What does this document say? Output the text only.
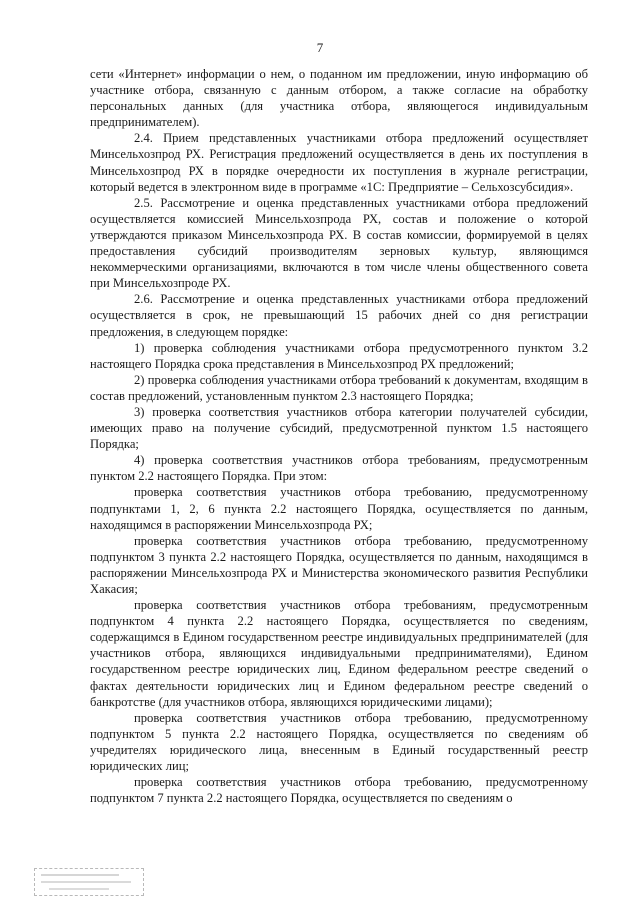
7

сети «Интернет» информации о нем, о поданном им предложении, иную информацию об участнике отбора, связанную с данным отбором, а также согласие на обработку персональных данных (для участника отбора, являющегося индивидуальным предпринимателем).

2.4. Прием представленных участниками отбора предложений осуществляет Минсельхозпрод РХ. Регистрация предложений осуществляется в день их поступления в Минсельхозпрод РХ в порядке очередности их поступления в журнале регистрации, который ведется в электронном виде в программе «1С: Предприятие – Сельхозсубсидия».

2.5. Рассмотрение и оценка представленных участниками отбора предложений осуществляется комиссией Минсельхозпрода РХ, состав и положение о которой утверждаются приказом Минсельхозпрода РХ. В состав комиссии, формируемой в целях предоставления субсидий производителям зерновых культур, являющимся некоммерческими организациями, включаются в том числе члены общественного совета при Минсельхозпроде РХ.

2.6. Рассмотрение и оценка представленных участниками отбора предложений осуществляется в срок, не превышающий 15 рабочих дней со дня регистрации предложения, в следующем порядке:

1) проверка соблюдения участниками отбора предусмотренного пунктом 3.2 настоящего Порядка срока представления в Минсельхозпрод РХ предложений;

2) проверка соблюдения участниками отбора требований к документам, входящим в состав предложений, установленным пунктом 2.3 настоящего Порядка;

3) проверка соответствия участников отбора категории получателей субсидии, имеющих право на получение субсидий, предусмотренной пунктом 1.5 настоящего Порядка;

4) проверка соответствия участников отбора требованиям, предусмотренным пунктом 2.2 настоящего Порядка. При этом:

проверка соответствия участников отбора требованию, предусмотренному подпунктами 1, 2, 6 пункта 2.2 настоящего Порядка, осуществляется по данным, находящимся в распоряжении Минсельхозпрода РХ;

проверка соответствия участников отбора требованию, предусмотренному подпунктом 3 пункта 2.2 настоящего Порядка, осуществляется по данным, находящимся в распоряжении Минсельхозпрода РХ и Министерства экономического развития Республики Хакасия;

проверка соответствия участников отбора требованиям, предусмотренным подпунктом 4 пункта 2.2 настоящего Порядка, осуществляется по сведениям, содержащимся в Едином государственном реестре индивидуальных предпринимателей (для участников отбора, являющихся индивидуальными предпринимателями), Едином государственном реестре юридических лиц, Едином федеральном реестре сведений о фактах деятельности юридических лиц и Едином федеральном реестре сведений о банкротстве (для участников отбора, являющихся юридическими лицами);

проверка соответствия участников отбора требованию, предусмотренному подпунктом 5 пункта 2.2 настоящего Порядка, осуществляется по сведениям об учредителях юридического лица, внесенным в Единый государственный реестр юридических лиц;

проверка соответствия участников отбора требованию, предусмотренному подпунктом 7 пункта 2.2 настоящего Порядка, осуществляется по сведениям о
